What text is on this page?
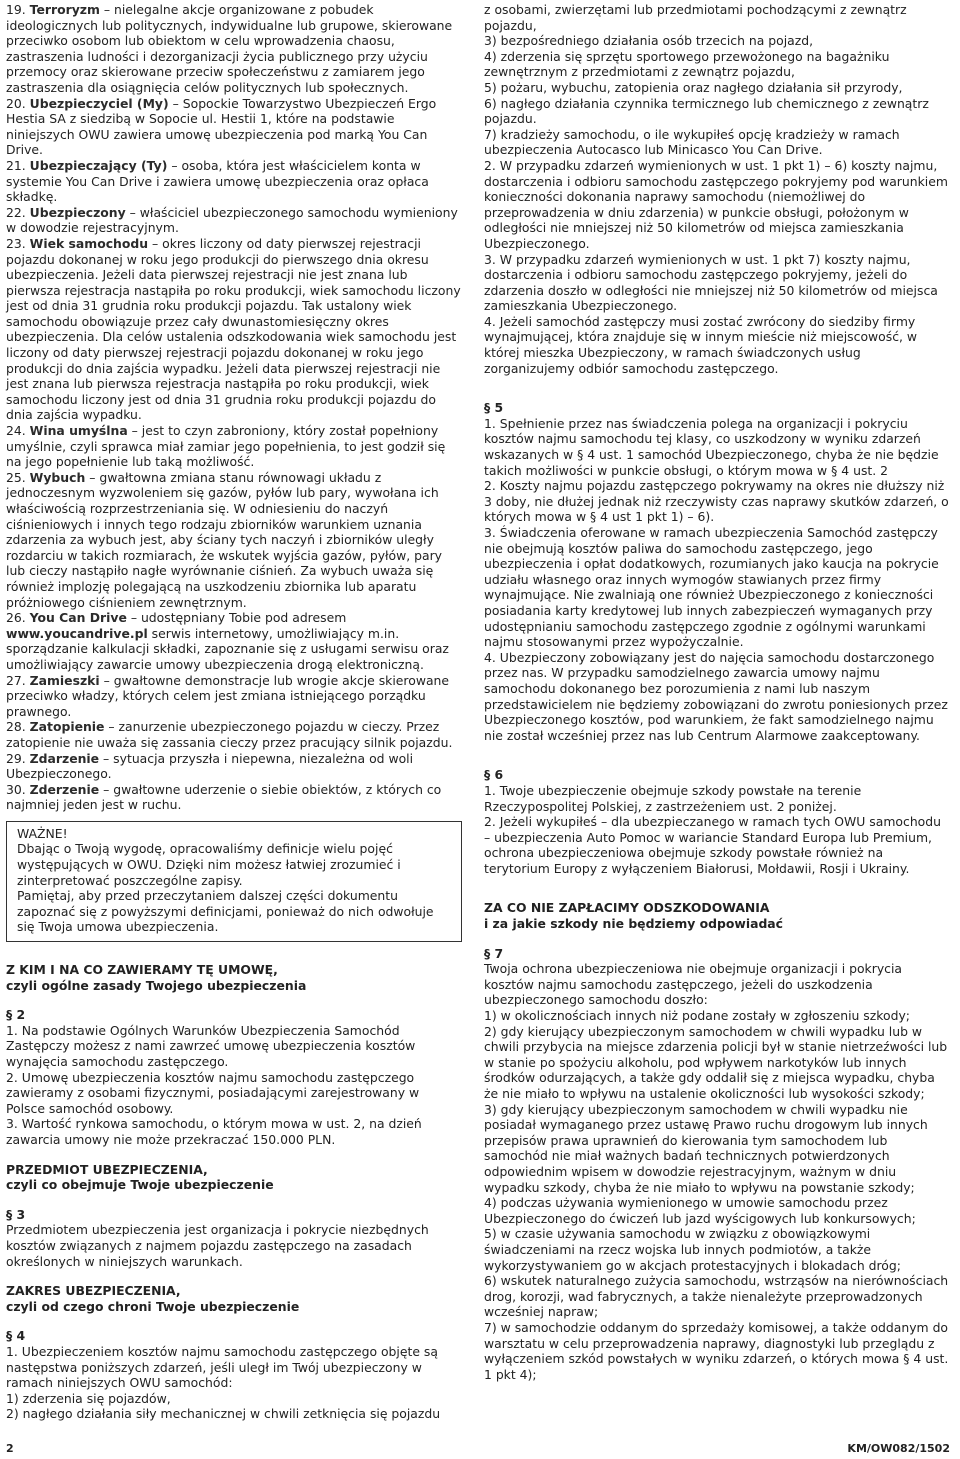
19. Terroryzm – nielegalne akcje organizowane z pobudek ideologicznych lub politycznych, indywidualne lub grupowe, skierowane przeciwko osobom lub obiektom w celu wprowadzenia chaosu, zastraszenia ludności i dezorganizacji życia publicznego przy użyciu przemocy oraz skierowane przeciw społeczeństwu z zamiarem jego zastraszenia dla osiągnięcia celów politycznych lub społecznych.

20. Ubezpieczyciel (My) – Sopockie Towarzystwo Ubezpieczeń Ergo Hestia SA z siedzibą w Sopocie ul. Hestii 1, które na podstawie niniejszych OWU zawiera umowę ubezpieczenia pod marką You Can Drive.

21. Ubezpieczający (Ty) – osoba, która jest właścicielem konta w systemie You Can Drive i zawiera umowę ubezpieczenia oraz opłaca składkę.

22. Ubezpieczony – właściciel ubezpieczonego samochodu wymieniony w dowodzie rejestracyjnym.

23. Wiek samochodu – okres liczony od daty pierwszej rejestracji pojazdu dokonanej w roku jego produkcji do pierwszego dnia okresu ubezpieczenia. Jeżeli data pierwszej rejestracji nie jest znana lub pierwsza rejestracja nastąpiła po roku produkcji, wiek samochodu liczony jest od dnia 31 grudnia roku produkcji pojazdu. Tak ustalony wiek samochodu obowiązuje przez cały dwunastomiesięczny okres ubezpieczenia. Dla celów ustalenia odszkodowania wiek samochodu jest liczony od daty pierwszej rejestracji pojazdu dokonanej w roku jego produkcji do dnia zajścia wypadku. Jeżeli data pierwszej rejestracji nie jest znana lub pierwsza rejestracja nastąpiła po roku produkcji, wiek samochodu liczony jest od dnia 31 grudnia roku produkcji pojazdu do dnia zajścia wypadku.

24. Wina umyślna – jest to czyn zabroniony, który został popełniony umyślnie, czyli sprawca miał zamiar jego popełnienia, to jest godził się na jego popełnienie lub taką możliwość.

25. Wybuch – gwałtowna zmiana stanu równowagi układu z jednoczesnym wyzwoleniem się gazów, pyłów lub pary, wywołana ich właściwością rozprzestrzeniania się. W odniesieniu do naczyń ciśnieniowych i innych tego rodzaju zbiorników warunkiem uznania zdarzenia za wybuch jest, aby ściany tych naczyń i zbiorników uległy rozdarciu w takich rozmiarach, że wskutek wyjścia gazów, pyłów, pary lub cieczy nastąpiło nagłe wyrównanie ciśnień. Za wybuch uważa się również implozję polegającą na uszkodzeniu zbiornika lub aparatu próżniowego ciśnieniem zewnętrznym.

26. You Can Drive – udostępniany Tobie pod adresem www.youcandrive.pl serwis internetowy, umożliwiający m.in. sporządzanie kalkulacji składki, zapoznanie się z usługami serwisu oraz umożliwiający zawarcie umowy ubezpieczenia drogą elektroniczną.

27. Zamieszki – gwałtowne demonstracje lub wrogie akcje skierowane przeciwko władzy, których celem jest zmiana istniejącego porządku prawnego.

28. Zatopienie – zanurzenie ubezpieczonego pojazdu w cieczy. Przez zatopienie nie uważa się zassania cieczy przez pracujący silnik pojazdu.

29. Zdarzenie – sytuacja przyszła i niepewna, niezależna od woli Ubezpieczonego.

30. Zderzenie – gwałtowne uderzenie o siebie obiektów, z których co najmniej jeden jest w ruchu.

WAŻNE!

Dbając o Twoją wygodę, opracowaliśmy definicje wielu pojęć występujących w OWU. Dzięki nim możesz łatwiej zrozumieć i zinterpretować poszczególne zapisy.

Pamiętaj, aby przed przeczytaniem dalszej części dokumentu zapoznać się z powyższymi definicjami, ponieważ do nich odwołuje się Twoja umowa ubezpieczenia.

Z KIM I NA CO ZAWIERAMY TĘ UMOWĘ,

czyli ogólne zasady Twojego ubezpieczenia

§ 2

1. Na podstawie Ogólnych Warunków Ubezpieczenia Samochód Zastępczy możesz z nami zawrzeć umowę ubezpieczenia kosztów wynajęcia samochodu zastępczego.

2. Umowę ubezpieczenia kosztów najmu samochodu zastępczego zawieramy z osobami fizycznymi, posiadającymi zarejestrowany w Polsce samochód osobowy.

3. Wartość rynkowa samochodu, o którym mowa w ust. 2, na dzień zawarcia umowy nie może przekraczać 150.000 PLN.

PRZEDMIOT UBEZPIECZENIA,

czyli co obejmuje Twoje ubezpieczenie

§ 3

Przedmiotem ubezpieczenia jest organizacja i pokrycie niezbędnych kosztów związanych z najmem pojazdu zastępczego na zasadach określonych w niniejszych warunkach.

ZAKRES UBEZPIECZENIA,

czyli od czego chroni Twoje ubezpieczenie

§ 4

1. Ubezpieczeniem kosztów najmu samochodu zastępczego objęte są następstwa poniższych zdarzeń, jeśli uległ im Twój ubezpieczony w ramach niniejszych OWU samochód:

1) zderzenia się pojazdów,

2) nagłego działania siły mechanicznej w chwili zetknięcia się pojazdu

z osobami, zwierzętami lub przedmiotami pochodzącymi z zewnątrz pojazdu,

3) bezpośredniego działania osób trzecich na pojazd,

4) zderzenia się sprzętu sportowego przewożonego na bagażniku zewnętrznym z przedmiotami z zewnątrz pojazdu,

5) pożaru, wybuchu, zatopienia oraz nagłego działania sił przyrody,

6) nagłego działania czynnika termicznego lub chemicznego z zewnątrz pojazdu.

7) kradzieży samochodu, o ile wykupiłeś opcję kradzieży w ramach ubezpieczenia Autocasco lub Minicasco You Can Drive.

2. W przypadku zdarzeń wymienionych w ust. 1 pkt 1) – 6) koszty najmu, dostarczenia i odbioru samochodu zastępczego pokryjemy pod warunkiem konieczności dokonania naprawy samochodu (niemożliwej do przeprowadzenia w dniu zdarzenia) w punkcie obsługi, położonym w odległości nie mniejszej niż 50 kilometrów od miejsca zamieszkania Ubezpieczonego.

3. W przypadku zdarzeń wymienionych w ust. 1 pkt 7) koszty najmu, dostarczenia i odbioru samochodu zastępczego pokryjemy, jeżeli do zdarzenia doszło w odległości nie mniejszej niż 50 kilometrów od miejsca zamieszkania Ubezpieczonego.

4. Jeżeli samochód zastępczy musi zostać zwrócony do siedziby firmy wynajmującej, która znajduje się w innym mieście niż miejscowość, w której mieszka Ubezpieczony, w ramach świadczonych usług zorganizujemy odbiór samochodu zastępczego.

§ 5

1. Spełnienie przez nas świadczenia polega na organizacji i pokryciu kosztów najmu samochodu tej klasy, co uszkodzony w wyniku zdarzeń wskazanych w § 4 ust. 1 samochód Ubezpieczonego, chyba że nie będzie takich możliwości w punkcie obsługi, o którym mowa w § 4 ust. 2

2. Koszty najmu pojazdu zastępczego pokrywamy na okres nie dłuższy niż 3 doby, nie dłużej jednak niż rzeczywisty czas naprawy skutków zdarzeń, o których mowa w § 4 ust 1 pkt 1) – 6).

3. Świadczenia oferowane w ramach ubezpieczenia Samochód zastępczy nie obejmują kosztów paliwa do samochodu zastępczego, jego ubezpieczenia i opłat dodatkowych, rozumianych jako kaucja na pokrycie udziału własnego oraz innych wymogów stawianych przez firmy wynajmujące. Nie zwalniają one również Ubezpieczonego z konieczności posiadania karty kredytowej lub innych zabezpieczeń wymaganych przy udostępnianiu samochodu zastępczego zgodnie z ogólnymi warunkami najmu stosowanymi przez wypożyczalnie.

4. Ubezpieczony zobowiązany jest do najęcia samochodu dostarczonego przez nas. W przypadku samodzielnego zawarcia umowy najmu samochodu dokonanego bez porozumienia z nami lub naszym przedstawicielem nie będziemy zobowiązani do zwrotu poniesionych przez Ubezpieczonego kosztów, pod warunkiem, że fakt samodzielnego najmu nie został wcześniej przez nas lub Centrum Alarmowe zaakceptowany.

§ 6

1. Twoje ubezpieczenie obejmuje szkody powstałe na terenie Rzeczypospolitej Polskiej, z zastrzeżeniem ust. 2 poniżej.

2. Jeżeli wykupiłeś – dla ubezpieczanego w ramach tych OWU samochodu – ubezpieczenia Auto Pomoc w wariancie Standard Europa lub Premium, ochrona ubezpieczeniowa obejmuje szkody powstałe również na terytorium Europy z wyłączeniem Białorusi, Mołdawii, Rosji i Ukrainy.

ZA CO NIE ZAPŁACIMY ODSZKODOWANIA

i za jakie szkody nie będziemy odpowiadać

§ 7

Twoja ochrona ubezpieczeniowa nie obejmuje organizacji i pokrycia kosztów najmu samochodu zastępczego, jeżeli do uszkodzenia ubezpieczonego samochodu doszło:

1) w okolicznościach innych niż podane zostały w zgłoszeniu szkody;

2) gdy kierujący ubezpieczonym samochodem w chwili wypadku lub w chwili przybycia na miejsce zdarzenia policji był w stanie nietrzeźwości lub w stanie po spożyciu alkoholu, pod wpływem narkotyków lub innych środków odurzających, a także gdy oddalił się z miejsca wypadku, chyba że nie miało to wpływu na ustalenie okoliczności lub wysokości szkody;

3) gdy kierujący ubezpieczonym samochodem w chwili wypadku nie posiadał wymaganego przez ustawę Prawo ruchu drogowym lub innych przepisów prawa uprawnień do kierowania tym samochodem lub samochód nie miał ważnych badań technicznych potwierdzonych odpowiednim wpisem w dowodzie rejestracyjnym, ważnym w dniu wypadku szkody, chyba że nie miało to wpływu na powstanie szkody;

4) podczas używania wymienionego w umowie samochodu przez Ubezpieczonego do ćwiczeń lub jazd wyścigowych lub konkursowych;

5) w czasie używania samochodu w związku z obowiązkowymi świadczeniami na rzecz wojska lub innych podmiotów, a także wykorzystywaniem go w akcjach protestacyjnych i blokadach dróg;

6) wskutek naturalnego zużycia samochodu, wstrząsów na nierównościach drog, korozji, wad fabrycznych, a także nienależyte przeprowadzonych wcześniej napraw;

7) w samochodzie oddanym do sprzedaży komisowej, a także oddanym do warsztatu w celu przeprowadzenia naprawy, diagnostyki lub przeglądu z wyłączeniem szkód powstałych w wyniku zdarzeń, o których mowa § 4 ust. 1 pkt 4);

2	KM/OW082/1502
